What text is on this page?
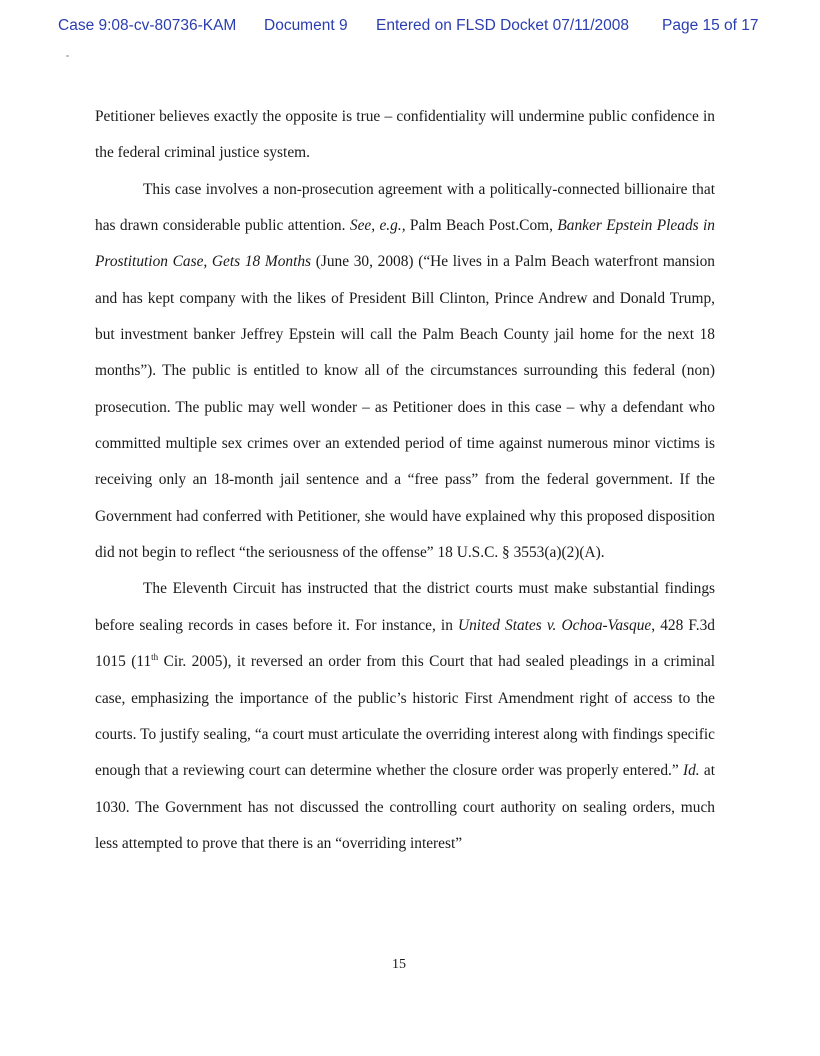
Case 9:08-cv-80736-KAM Document 9 Entered on FLSD Docket 07/11/2008 Page 15 of 17

Petitioner believes exactly the opposite is true – confidentiality will undermine public confidence in the federal criminal justice system.

This case involves a non-prosecution agreement with a politically-connected billionaire that has drawn considerable public attention. See, e.g., Palm Beach Post.Com, Banker Epstein Pleads in Prostitution Case, Gets 18 Months (June 30, 2008) (“He lives in a Palm Beach waterfront mansion and has kept company with the likes of President Bill Clinton, Prince Andrew and Donald Trump, but investment banker Jeffrey Epstein will call the Palm Beach County jail home for the next 18 months”). The public is entitled to know all of the circumstances surrounding this federal (non) prosecution. The public may well wonder – as Petitioner does in this case – why a defendant who committed multiple sex crimes over an extended period of time against numerous minor victims is receiving only an 18-month jail sentence and a “free pass” from the federal government. If the Government had conferred with Petitioner, she would have explained why this proposed disposition did not begin to reflect “the seriousness of the offense” 18 U.S.C. § 3553(a)(2)(A).

The Eleventh Circuit has instructed that the district courts must make substantial findings before sealing records in cases before it. For instance, in United States v. Ochoa-Vasque, 428 F.3d 1015 (11th Cir. 2005), it reversed an order from this Court that had sealed pleadings in a criminal case, emphasizing the importance of the public’s historic First Amendment right of access to the courts. To justify sealing, “a court must articulate the overriding interest along with findings specific enough that a reviewing court can determine whether the closure order was properly entered.” Id. at 1030. The Government has not discussed the controlling court authority on sealing orders, much less attempted to prove that there is an “overriding interest”

15
